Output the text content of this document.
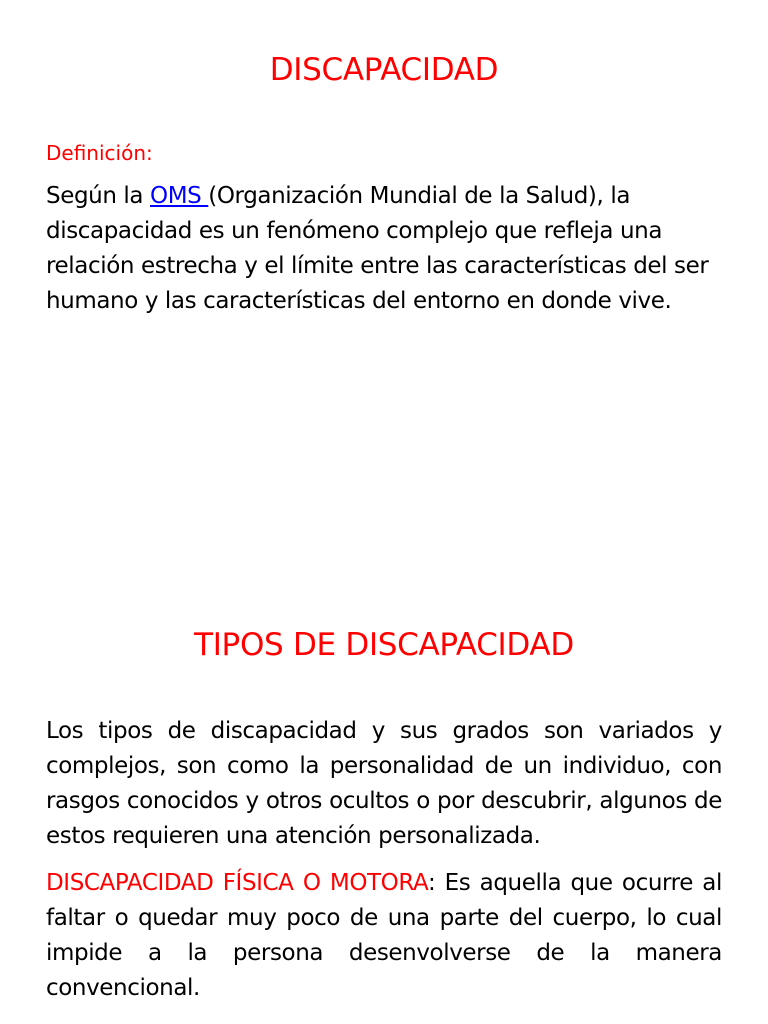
DISCAPACIDAD
Definición:

Según la OMS (Organización Mundial de la Salud), la discapacidad es un fenómeno complejo que refleja una relación estrecha y el límite entre las características del ser humano y las características del entorno en donde vive.

TIPOS DE DISCAPACIDAD

Los tipos de discapacidad y sus grados son variados y complejos, son como la personalidad de un individuo, con rasgos conocidos y otros ocultos o por descubrir, algunos de estos requieren una atención personalizada.

DISCAPACIDAD FÍSICA O MOTORA: Es aquella que ocurre al faltar o quedar muy poco de una parte del cuerpo, lo cual impide a la persona desenvolverse de la manera convencional.
